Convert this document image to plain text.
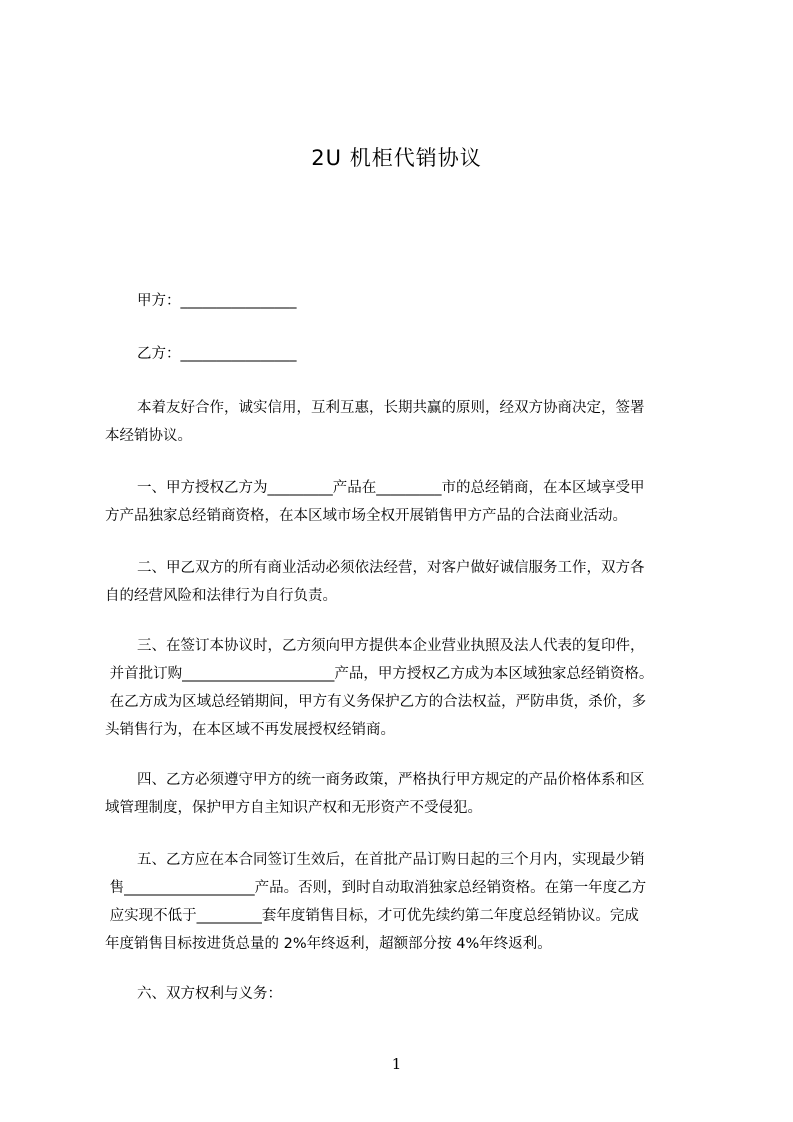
2U 机柜代销协议
甲方：________________
乙方：________________
本着友好合作，诚实信用，互利互惠，长期共赢的原则，经双方协商决定，签署
本经销协议。
一、甲方授权乙方为_________产品在_________市的总经销商，在本区域享受甲
方产品独家总经销商资格，在本区域市场全权开展销售甲方产品的合法商业活动。
二、甲乙双方的所有商业活动必须依法经营，对客户做好诚信服务工作，双方各
自的经营风险和法律行为自行负责。
三、在签订本协议时，乙方须向甲方提供本企业营业执照及法人代表的复印件，
并首批订购_____________________产品，甲方授权乙方成为本区域独家总经销资格。
在乙方成为区域总经销期间，甲方有义务保护乙方的合法权益，严防串货，杀价，多
头销售行为，在本区域不再发展授权经销商。
四、乙方必须遵守甲方的统一商务政策，严格执行甲方规定的产品价格体系和区
域管理制度，保护甲方自主知识产权和无形资产不受侵犯。
五、乙方应在本合同签订生效后，在首批产品订购日起的三个月内，实现最少销
售__________________产品。否则，到时自动取消独家总经销资格。在第一年度乙方
应实现不低于_________套年度销售目标，才可优先续约第二年度总经销协议。完成
年度销售目标按进货总量的 2%年终返利，超额部分按 4%年终返利。
六、双方权利与义务：
1
